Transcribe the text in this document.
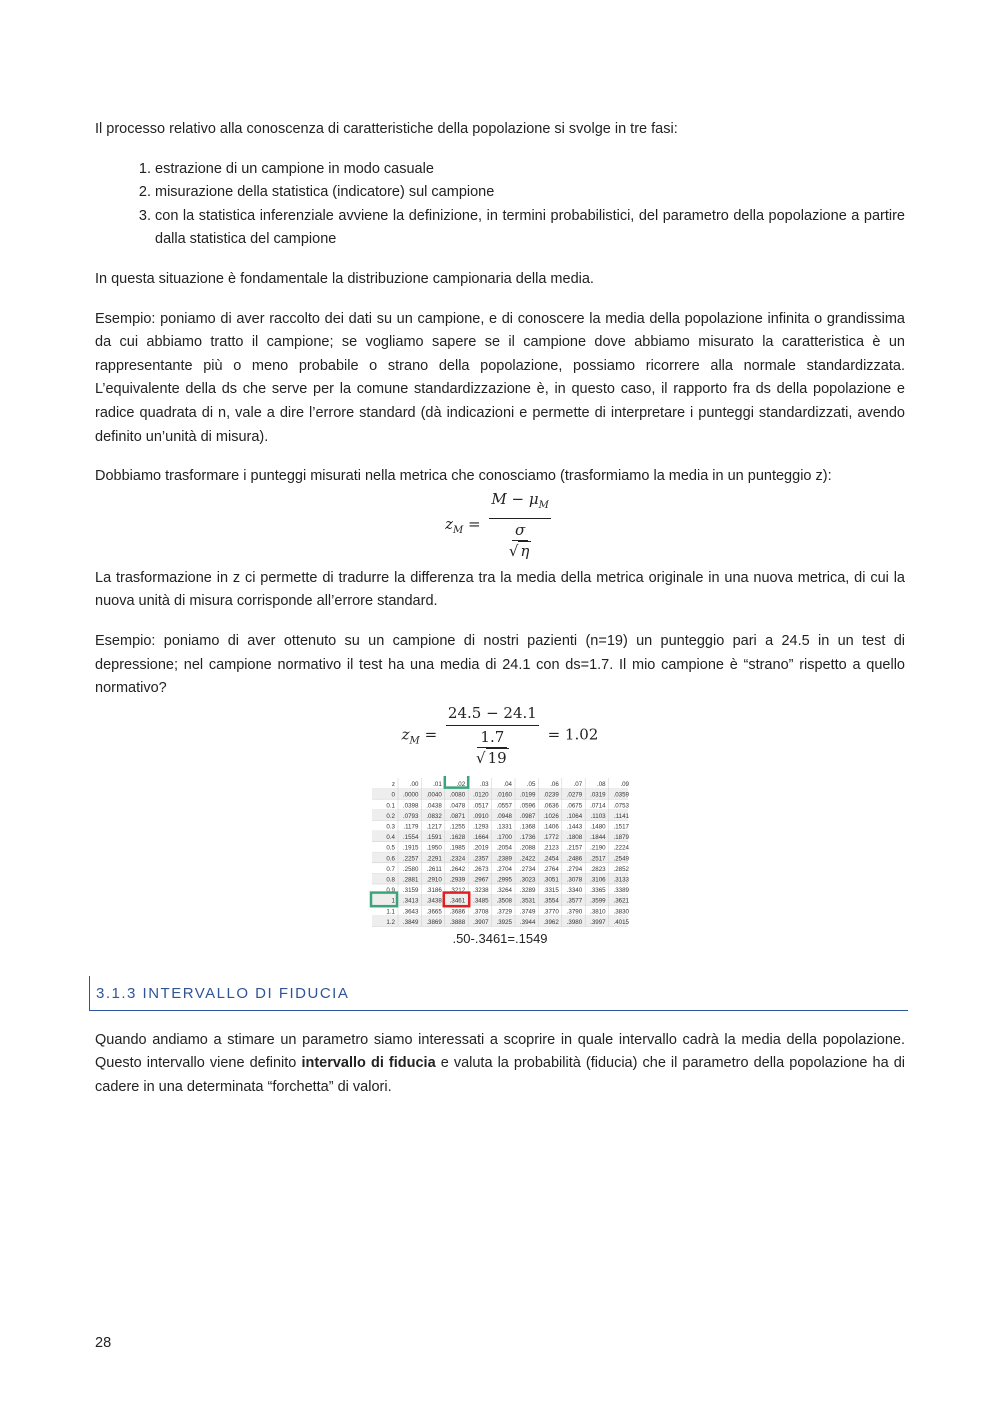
Il processo relativo alla conoscenza di caratteristiche della popolazione si svolge in tre fasi:

1. estrazione di un campione in modo casuale
2. misurazione della statistica (indicatore) sul campione
3. con la statistica inferenziale avviene la definizione, in termini probabilistici, del parametro della popolazione a partire dalla statistica del campione

In questa situazione è fondamentale la distribuzione campionaria della media.

Esempio: poniamo di aver raccolto dei dati su un campione, e di conoscere la media della popolazione infinita o grandissima da cui abbiamo tratto il campione; se vogliamo sapere se il campione dove abbiamo misurato la caratteristica è un rappresentante più o meno probabile o strano della popolazione, possiamo ricorrere alla normale standardizzata. L’equivalente della ds che serve per la comune standardizzazione è, in questo caso, il rapporto fra ds della popolazione e radice quadrata di n, vale a dire l’errore standard (dà indicazioni e permette di interpretare i punteggi standardizzati, avendo definito un’unità di misura).

Dobbiamo trasformare i punteggi misurati nella metrica che conosciamo (trasformiamo la media in un punteggio z):

$z_M = M - \mu_M$
σ
√ η

La trasformazione in z ci permette di tradurre la differenza tra la media della metrica originale in una nuova metrica, di cui la nuova unità di misura corrisponde all’errore standard.

Esempio: poniamo di aver ottenuto su un campione di nostri pazienti (n=19) un punteggio pari a 24.5 in un test di depressione; nel campione normativo il test ha una media di 24.1 con ds=1.7. Il mio campione è “strano” rispetto a quello normativo?

$z_M = 24.5 - 24.1$
1.7
√ 19 = 1.02
z .00 .01 .02 .03 .04 .05 .06 .07 .08 .09
0 .0000 .0040 .0080 .0120 .0160 .0199 .0239 .0279 .0319 .0359
0.1 .0398 .0438 .0478 .0517 .0557 .0596 .0636 .0675 .0714 .0753
0.2 .0793 .0832 .0871 .0910 .0948 .0987 .1026 .1064 .1103 .1141
0.3 .1179 .1217 .1255 .1293 .1331 .1368 .1406 .1443 .1480 .1517
0.4 .1554 .1591 .1628 .1664 .1700 .1736 .1772 .1808 .1844 .1879
0.5 .1915 .1950 .1985 .2019 .2054 .2088 .2123 .2157 .2190 .2224
0.6 .2257 .2291 .2324 .2357 .2389 .2422 .2454 .2486 .2517 .2549
0.7 .2580 .2611 .2642 .2673 .2704 .2734 .2764 .2794 .2823 .2852
0.8 .2881 .2910 .2939 .2967 .2995 .3023 .3051 .3078 .3106 .3133
0.9 .3159 .3186 .3212 .3238 .3264 .3289 .3315 .3340 .3365 .3389
1 .3413 .3438 .3461 .3485 .3508 .3531 .3554 .3577 .3599 .3621
1.1 .3643 .3665 .3686 .3708 .3729 .3749 .3770 .3790 .3810 .3830
1.2 .3849 .3869 .3888 .3907 .3925 .3944 .3962 .3980 .3997 .4015
.50-.3461=.1549
3.1.3 INTERVALLO DI FIDUCIA

Quando andiamo a stimare un parametro siamo interessati a scoprire in quale intervallo cadrà la media della popolazione. Questo intervallo viene definito intervallo di fiducia e valuta la probabilità (fiducia) che il parametro della popolazione ha di cadere in una determinata “forchetta” di valori.

28
